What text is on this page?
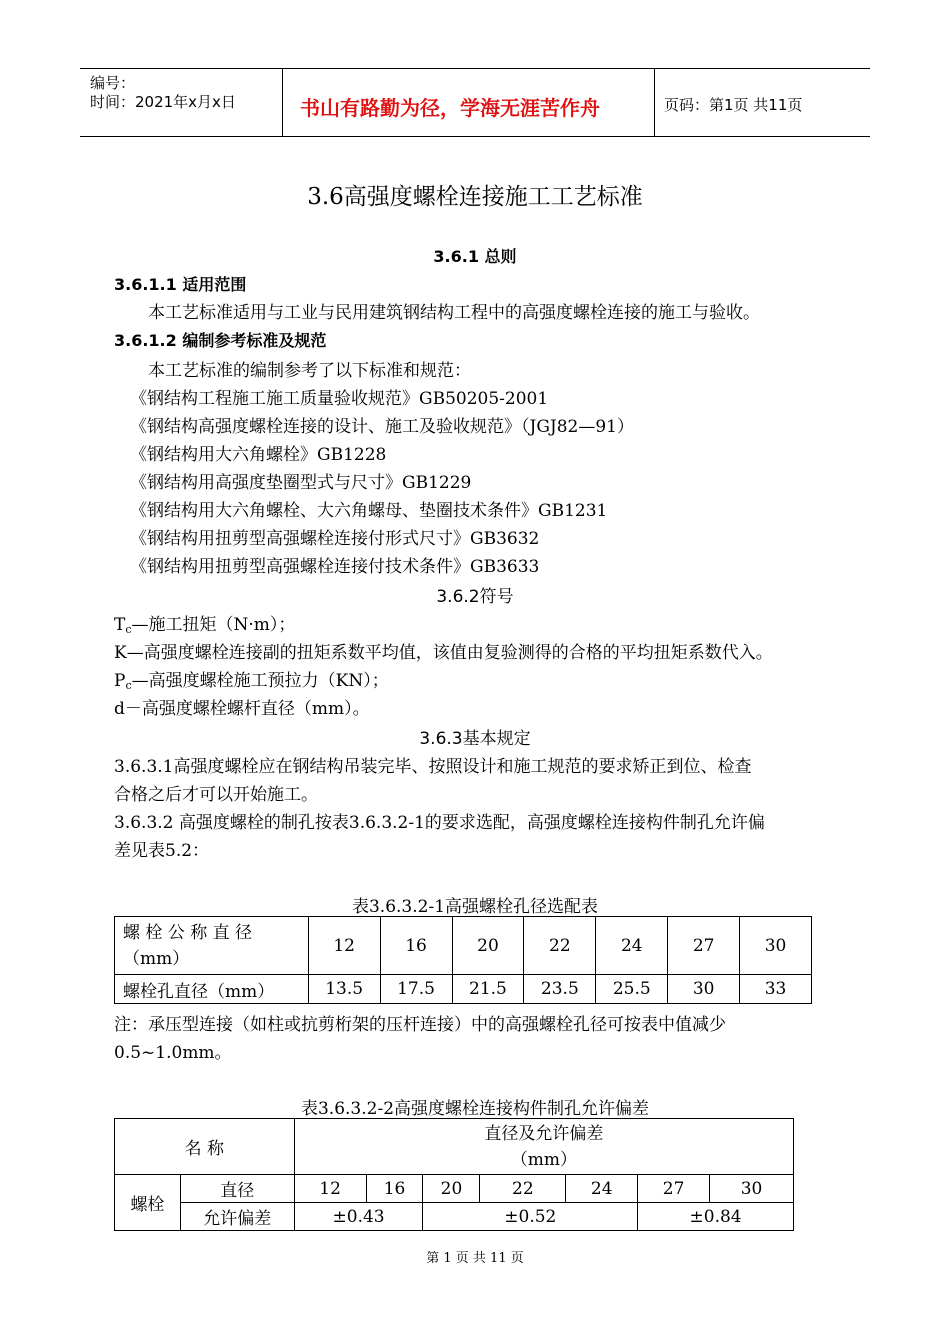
编号：
时间：2021年x月x日	书山有路勤为径，学海无涯苦作舟	页码：第1页 共11页
3.6高强度螺栓连接施工工艺标准
3.6.1 总则
3.6.1.1 适用范围
本工艺标准适用与工业与民用建筑钢结构工程中的高强度螺栓连接的施工与验收。
3.6.1.2 编制参考标准及规范
本工艺标准的编制参考了以下标准和规范：
《钢结构工程施工施工质量验收规范》GB50205-2001
《钢结构高强度螺栓连接的设计、施工及验收规范》（JGJ82—91）
《钢结构用大六角螺栓》GB1228
《钢结构用高强度垫圈型式与尺寸》GB1229
《钢结构用大六角螺栓、大六角螺母、垫圈技术条件》GB1231
《钢结构用扭剪型高强螺栓连接付形式尺寸》GB3632
《钢结构用扭剪型高强螺栓连接付技术条件》GB3633
3.6.2符号
$T_c—$施工扭矩（N·m）；
K—高强度螺栓连接副的扭矩系数平均值，该值由复验测得的合格的平均扭矩系数代入。
$P_c—$高强度螺栓施工预拉力（KN）；
d－高强度螺栓螺杆直径（mm）。
3.6.3基本规定
3.6.3.1高强度螺栓应在钢结构吊装完毕、按照设计和施工规范的要求矫正到位、检查
合格之后才可以开始施工。
3.6.3.2 高强度螺栓的制孔按表3.6.3.2-1的要求选配，高强度螺栓连接构件制孔允许偏
差见表5.2：
表3.6.3.2-1高强螺栓孔径选配表
螺 栓 公 称 直 径
（mm）	12	16	20	22	24	27	30
螺栓孔直径（mm）	13.5	17.5	21.5	23.5	25.5	30	33
注：承压型连接（如柱或抗剪桁架的压杆连接）中的高强螺栓孔径可按表中值减少
0.5~1.0mm。
表3.6.3.2-2高强度螺栓连接构件制孔允许偏差
名 称		直径及允许偏差
（mm）						

螺栓	直径	12	16	20	22	24	27	30
	允许偏差	±0.43		±0.52			±0.84	
第 1 页 共 11 页
